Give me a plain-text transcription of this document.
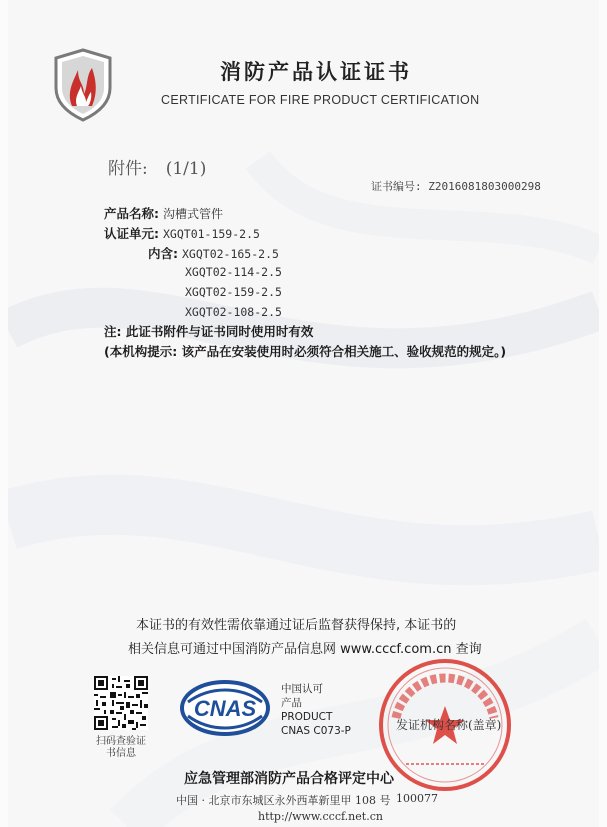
消防产品认证证书
CERTIFICATE FOR FIRE PRODUCT CERTIFICATION
附件: (1/1)
证书编号: Z2016081803000298
产品名称: 沟槽式管件
认证单元: XGQT01-159-2.5
内含: XGQT02-165-2.5
XGQT02-114-2.5
XGQT02-159-2.5
XGQT02-108-2.5
注: 此证书附件与证书同时使用时有效
(本机构提示: 该产品在安装使用时必须符合相关施工、验收规范的规定。)
本证书的有效性需依靠通过证后监督获得保持, 本证书的
相关信息可通过中国消防产品信息网 www.cccf.com.cn 查询
扫码查验证书信息
CNAS
中国认可
产品
PRODUCT
CNAS C073-P	发证机构名称(盖章)
应急管理部消防产品合格评定中心
中国 · 北京市东城区永外西革新里甲 108 号 100077
http://www.cccf.net.cn
